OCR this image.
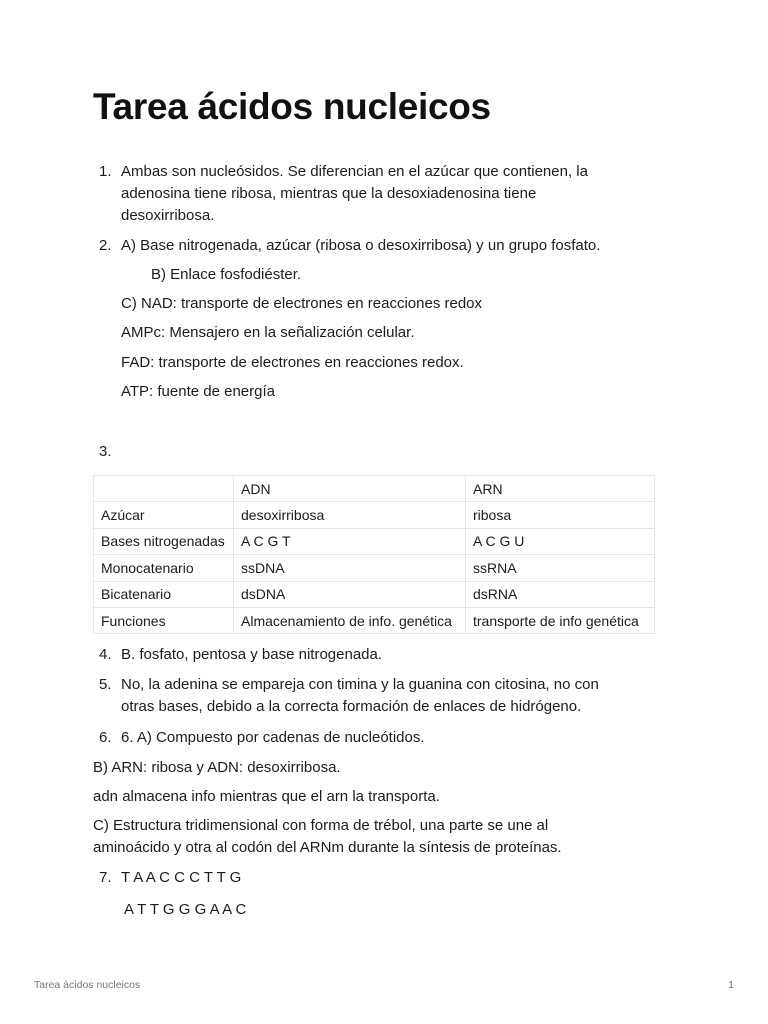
Tarea ácidos nucleicos
1. Ambas son nucleósidos. Se diferencian en el azúcar que contienen, la
adenosina tiene ribosa, mientras que la desoxiadenosina tiene
desoxirribosa.
2. A) Base nitrogenada, azúcar (ribosa o desoxirribosa) y un grupo fosfato.
B) Enlace fosfodiéster.
C) NAD: transporte de electrones en reacciones redox
AMPc: Mensajero en la señalización celular.
FAD: transporte de electrones en reacciones redox.
ATP: fuente de energía
3.
	ADN	ARN
Azúcar	desoxirribosa	ribosa
Bases nitrogenadas	A C G T	A C G U
Monocatenario	ssDNA	ssRNA
Bicatenario	dsDNA	dsRNA
Funciones	Almacenamiento de info. genética	transporte de info genética
4. B. fosfato, pentosa y base nitrogenada.
5. No, la adenina se empareja con timina y la guanina con citosina, no con
otras bases, debido a la correcta formación de enlaces de hidrógeno.
6. 6. A) Compuesto por cadenas de nucleótidos.
B) ARN: ribosa y ADN: desoxirribosa.
adn almacena info mientras que el arn la transporta.
C) Estructura tridimensional con forma de trébol, una parte se une al
aminoácido y otra al codón del ARNm durante la síntesis de proteínas.
7. T A A C C C T T G
A T T G G G A A C
Tarea ácidos nucleicos	1
